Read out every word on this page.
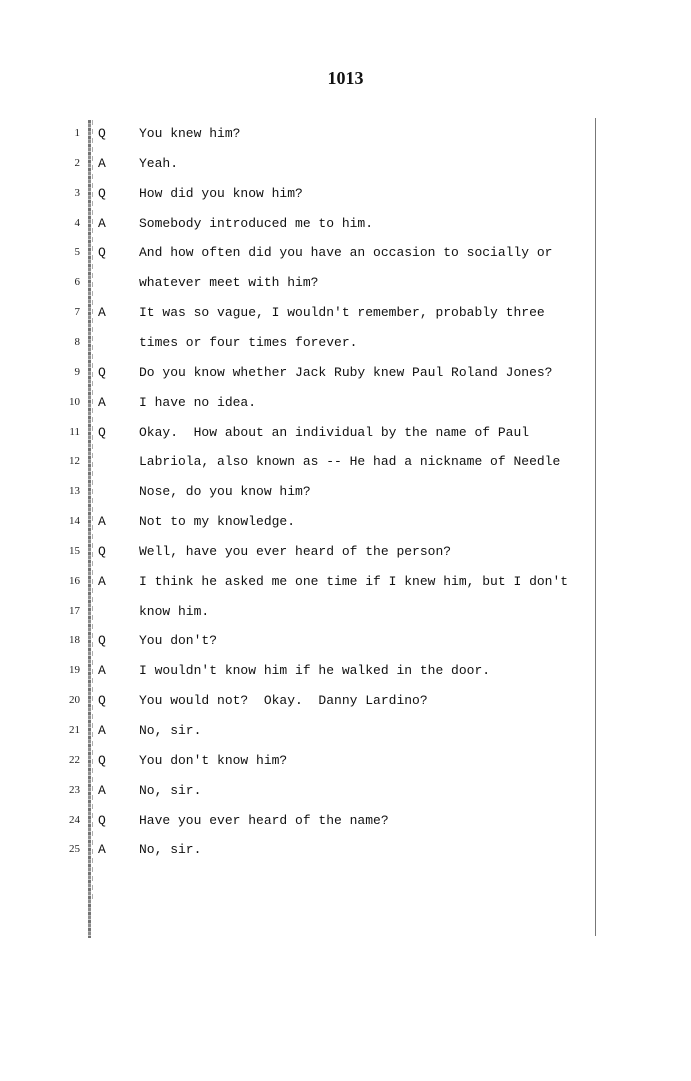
1013
1 Q	You knew him?
2 A	Yeah.
3 Q	How did you know him?
4 A	Somebody introduced me to him.
5 Q	And how often did you have an occasion to socially or
6	whatever meet with him?
7 A	It was so vague, I wouldn't remember, probably three
8	times or four times forever.
9 Q	Do you know whether Jack Ruby knew Paul Roland Jones?
10 A	I have no idea.
11 Q	Okay.  How about an individual by the name of Paul
12	Labriola, also known as -- He had a nickname of Needle
13	Nose, do you know him?
14 A	Not to my knowledge.
15 Q	Well, have you ever heard of the person?
16 A	I think he asked me one time if I knew him, but I don't
17	know him.
18 Q	You don't?
19 A	I wouldn't know him if he walked in the door.
20 Q	You would not?  Okay.  Danny Lardino?
21 A	No, sir.
22 Q	You don't know him?
23 A	No, sir.
24 Q	Have you ever heard of the name?
25 A	No, sir.
